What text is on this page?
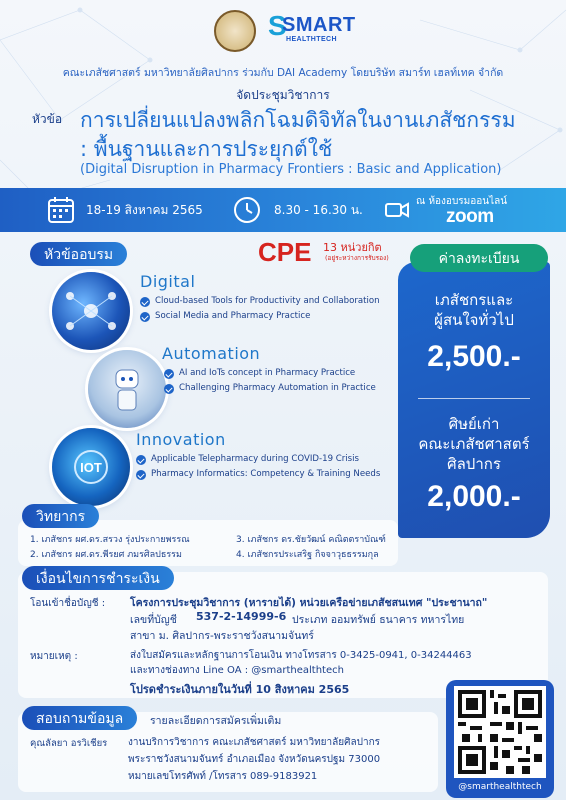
S
SMART
HEALTHTECH
คณะเภสัชศาสตร์ มหาวิทยาลัยศิลปากร ร่วมกับ DAI Academy โดยบริษัท สมาร์ท เฮลท์เทค จำกัด
จัดประชุมวิชาการ
หัวข้อ การเปลี่ยนแปลงพลิกโฉมดิจิทัลในงานเภสัชกรรม
: พื้นฐานและการประยุกต์ใช้
(Digital Disruption in Pharmacy Frontiers : Basic and Application)
18-19 สิงหาคม 2565	8.30 - 16.30 น.
ณ ห้องอบรมออนไลน์
zoom
หัวข้ออบรม	CPE 13 หน่วยกิต
(อยู่ระหว่างการรับรอง)
Digital
Cloud-based Tools for Productivity and Collaboration
Social Media and Pharmacy Practice
Automation
AI and IoTs concept in Pharmacy Practice
Challenging Pharmacy Automation in Practice
IOT
Innovation
Applicable Telepharmacy during COVID-19 Crisis
Pharmacy Informatics: Competency & Training Needs
ค่าลงทะเบียน
เภสัชกรและ
ผู้สนใจทั่วไป
2,500.-
ศิษย์เก่า
คณะเภสัชศาสตร์
ศิลปากร
2,000.-
วิทยากร
1. เภสัชกร ผศ.ดร.สรวง รุ่งประกายพรรณ
2. เภสัชกร ผศ.ดร.พีรยศ ภมรศิลปธรรม
3. เภสัชกร ดร.ชัยวัฒน์ คณิตตราบัณฑ์
4. เภสัชกรประเสริฐ กิจจาวุธธรรมกุล
เงื่อนไขการชำระเงิน
โอนเข้าชื่อบัญชี : โครงการประชุมวิชาการ (หารายได้) หน่วยเครือข่ายเภสัชสนเทศ "ประชานาถ"
เลขที่บัญชี 537-2-14999-6 ประเภท ออมทรัพย์ ธนาคาร ทหารไทย
สาขา ม. ศิลปากร-พระราชวังสนามจันทร์
หมายเหตุ :	ส่งใบสมัครและหลักฐานการโอนเงิน ทางโทรสาร 0-3425-0941, 0-34244463
และทางช่องทาง Line OA : @smarthealthtech
โปรดชำระเงินภายในวันที่ 10 สิงหาคม 2565
สอบถามข้อมูล	รายละเอียดการสมัครเพิ่มเติม
คุณลัลยา อรวิเชียร งานบริการวิชาการ คณะเภสัชศาสตร์ มหาวิทยาลัยศิลปากร
พระราชวังสนามจันทร์ อำเภอเมือง จังหวัดนครปฐม 73000
หมายเลขโทรศัพท์ /โทรสาร 089-9183921
@smarthealthtech
